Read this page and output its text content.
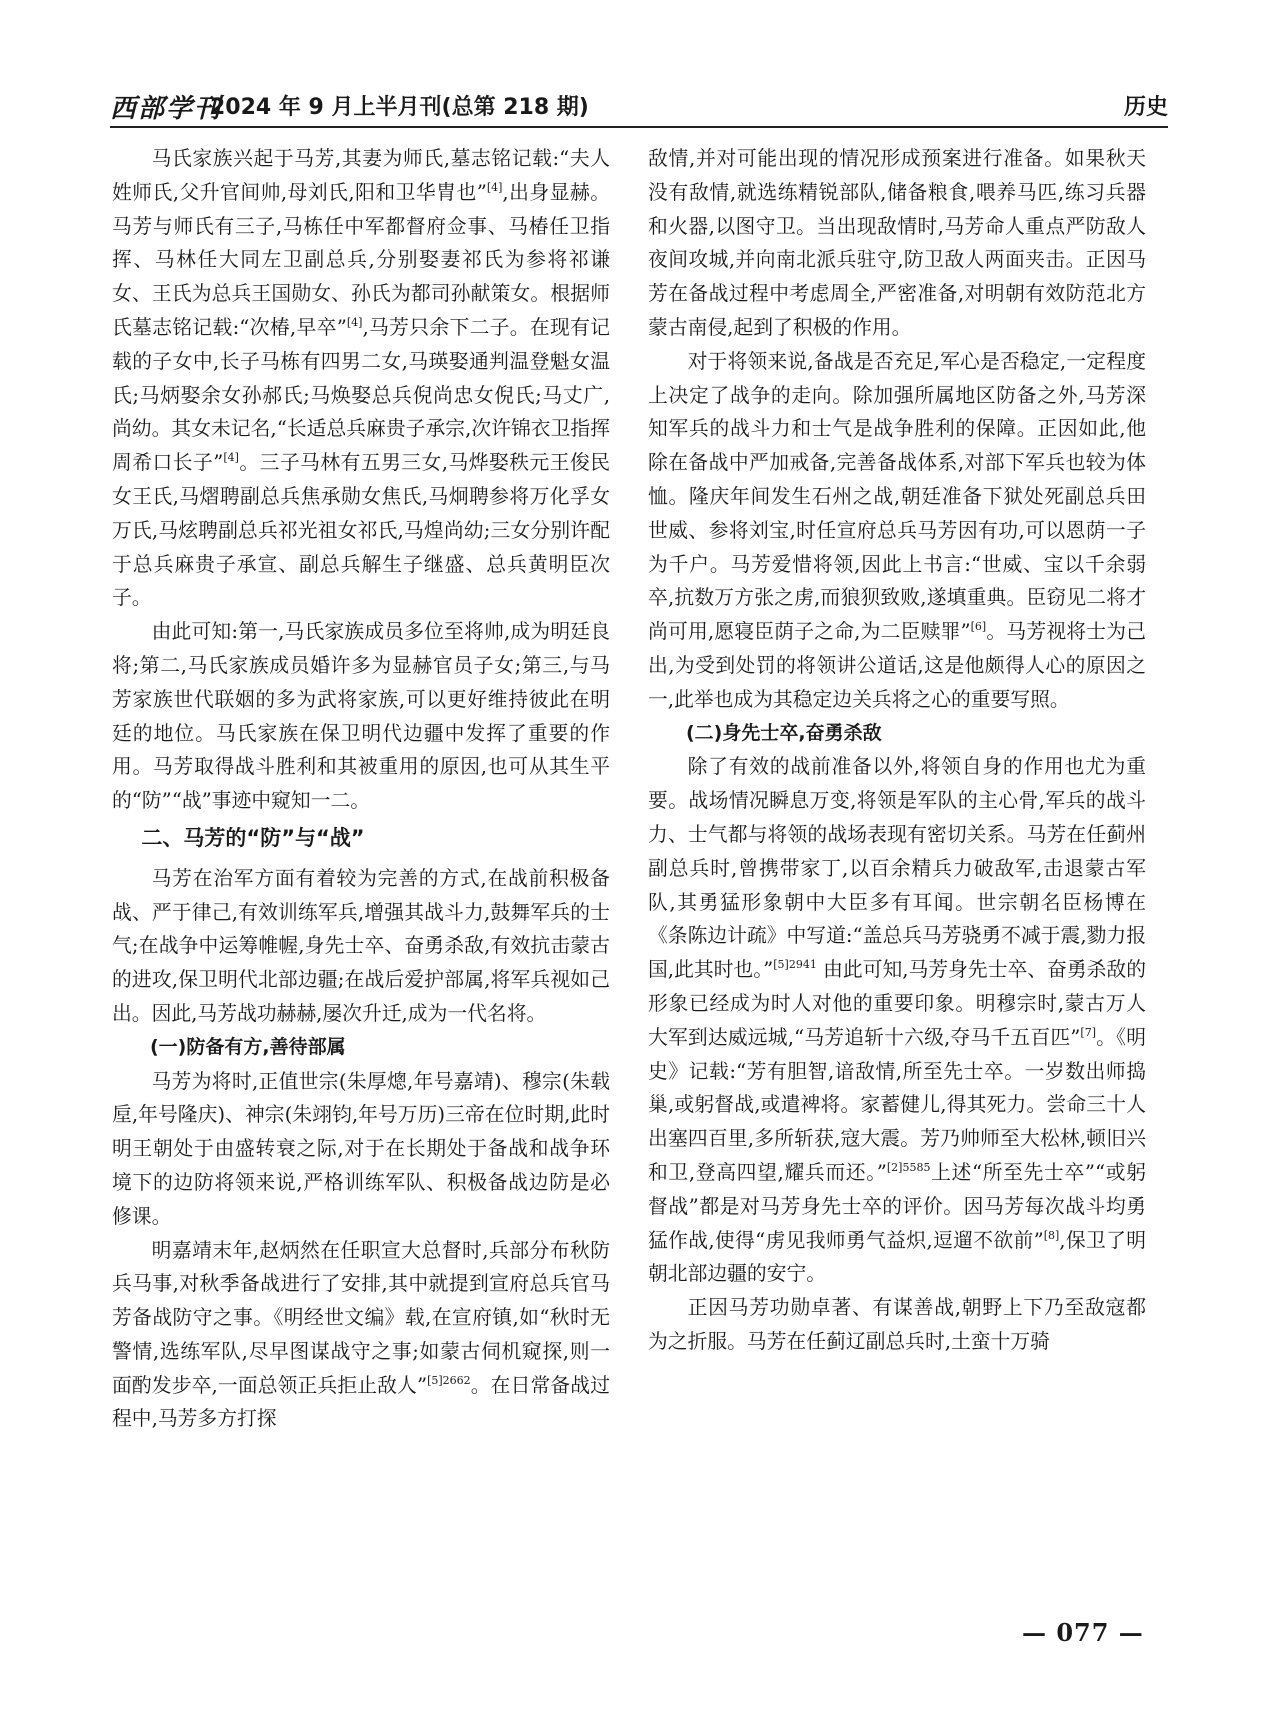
西部学刊
2024 年 9 月上半月刊(总第 218 期)	历史

马氏家族兴起于马芳,其妻为师氏,墓志铭记载:“夫人姓师氏,父升官间帅,母刘氏,阳和卫华胄也”[4],出身显赫。马芳与师氏有三子,马栋任中军都督府佥事、马椿任卫指挥、马林任大同左卫副总兵,分别娶妻祁氏为参将祁谦女、王氏为总兵王国勋女、孙氏为都司孙献策女。根据师氏墓志铭记载:“次椿,早卒”[4],马芳只余下二子。在现有记载的子女中,长子马栋有四男二女,马瑛娶通判温登魁女温氏;马炳娶余女孙郝氏;马焕娶总兵倪尚忠女倪氏;马丈广,尚幼。其女未记名,“长适总兵麻贵子承宗,次许锦衣卫指挥周希口长子”[4]。三子马林有五男三女,马烨娶秩元王俊民女王氏,马熠聘副总兵焦承勋女焦氏,马炯聘参将万化孚女万氏,马炫聘副总兵祁光祖女祁氏,马煌尚幼;三女分别许配于总兵麻贵子承宣、副总兵解生子继盛、总兵黄明臣次子。

由此可知:第一,马氏家族成员多位至将帅,成为明廷良将;第二,马氏家族成员婚许多为显赫官员子女;第三,与马芳家族世代联姻的多为武将家族,可以更好维持彼此在明廷的地位。马氏家族在保卫明代边疆中发挥了重要的作用。马芳取得战斗胜利和其被重用的原因,也可从其生平的“防”“战”事迹中窥知一二。

二、马芳的“防”与“战”

马芳在治军方面有着较为完善的方式,在战前积极备战、严于律己,有效训练军兵,增强其战斗力,鼓舞军兵的士气;在战争中运筹帷幄,身先士卒、奋勇杀敌,有效抗击蒙古的进攻,保卫明代北部边疆;在战后爱护部属,将军兵视如己出。因此,马芳战功赫赫,屡次升迁,成为一代名将。

(一)防备有方,善待部属

马芳为将时,正值世宗(朱厚熜,年号嘉靖)、穆宗(朱载垕,年号隆庆)、神宗(朱翊钧,年号万历)三帝在位时期,此时明王朝处于由盛转衰之际,对于在长期处于备战和战争环境下的边防将领来说,严格训练军队、积极备战边防是必修课。

明嘉靖末年,赵炳然在任职宣大总督时,兵部分布秋防兵马事,对秋季备战进行了安排,其中就提到宣府总兵官马芳备战防守之事。《明经世文编》载,在宣府镇,如“秋时无警情,选练军队,尽早图谋战守之事;如蒙古伺机窥探,则一面酌发步卒,一面总领正兵拒止敌人”$^{[5]2662}$。在日常备战过程中,马芳多方打探

敌情,并对可能出现的情况形成预案进行准备。如果秋天没有敌情,就选练精锐部队,储备粮食,喂养马匹,练习兵器和火器,以图守卫。当出现敌情时,马芳命人重点严防敌人夜间攻城,并向南北派兵驻守,防卫敌人两面夹击。正因马芳在备战过程中考虑周全,严密准备,对明朝有效防范北方蒙古南侵,起到了积极的作用。

对于将领来说,备战是否充足,军心是否稳定,一定程度上决定了战争的走向。除加强所属地区防备之外,马芳深知军兵的战斗力和士气是战争胜利的保障。正因如此,他除在备战中严加戒备,完善备战体系,对部下军兵也较为体恤。隆庆年间发生石州之战,朝廷准备下狱处死副总兵田世威、参将刘宝,时任宣府总兵马芳因有功,可以恩荫一子为千户。马芳爱惜将领,因此上书言:“世威、宝以千余弱卒,抗数万方张之虏,而狼狈致败,遂填重典。臣窃见二将才尚可用,愿寝臣荫子之命,为二臣赎罪”[6]。马芳视将士为己出,为受到处罚的将领讲公道话,这是他颇得人心的原因之一,此举也成为其稳定边关兵将之心的重要写照。

(二)身先士卒,奋勇杀敌

除了有效的战前准备以外,将领自身的作用也尤为重要。战场情况瞬息万变,将领是军队的主心骨,军兵的战斗力、士气都与将领的战场表现有密切关系。马芳在任蓟州副总兵时,曾携带家丁,以百余精兵力破敌军,击退蒙古军队,其勇猛形象朝中大臣多有耳闻。世宗朝名臣杨博在《条陈边计疏》中写道:“盖总兵马芳骁勇不减于震,勠力报国,此其时也。”$^{[5]2941}$ 由此可知,马芳身先士卒、奋勇杀敌的形象已经成为时人对他的重要印象。明穆宗时,蒙古万人大军到达威远城,“马芳追斩十六级,夺马千五百匹”[7]。《明史》记载:“芳有胆智,谙敌情,所至先士卒。一岁数出师捣巢,或躬督战,或遣裨将。家蓄健儿,得其死力。尝命三十人出塞四百里,多所斩获,寇大震。芳乃帅师至大松林,顿旧兴和卫,登高四望,耀兵而还。”$^{[2]5585}$上述“所至先士卒”“或躬督战”都是对马芳身先士卒的评价。因马芳每次战斗均勇猛作战,使得“虏见我师勇气益炽,逗遛不欲前”[8],保卫了明朝北部边疆的安宁。

正因马芳功勋卓著、有谋善战,朝野上下乃至敌寇都为之折服。马芳在任蓟辽副总兵时,土蛮十万骑

— 077 —
